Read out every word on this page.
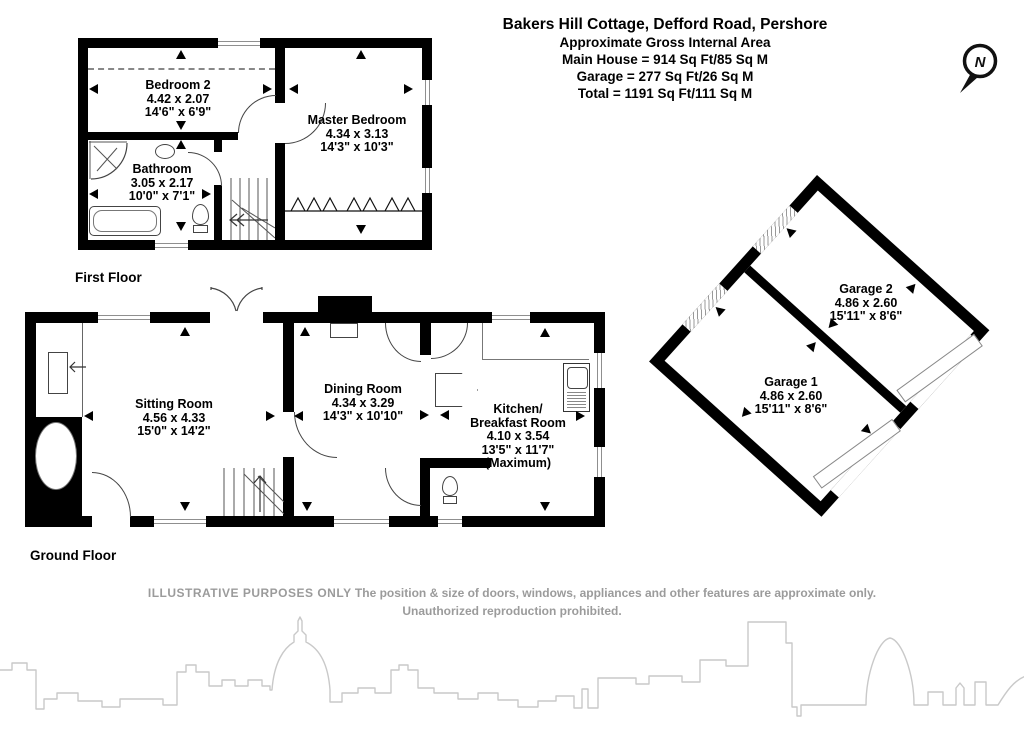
Bakers Hill Cottage, Defford Road, Pershore
Approximate Gross Internal Area
Main House = 914 Sq Ft/85 Sq M
Garage = 277 Sq Ft/26 Sq M
Total = 1191 Sq Ft/111 Sq M
N
Bedroom 2
4.42 x 2.07
14'6" x 6'9"
Master Bedroom
4.34 x 3.13
14'3" x 10'3"
Bathroom
3.05 x 2.17
10'0" x 7'1"
First Floor
Sitting Room
4.56 x 4.33
15'0" x 14'2"
Dining Room
4.34 x 3.29
14'3" x 10'10"	Kitchen/
Breakfast Room
4.10 x 3.54
13'5" x 11'7"
(Maximum)
Ground Floor
Garage 2
4.86 x 2.60
15'11" x 8'6"
Garage 1
4.86 x 2.60
15'11" x 8'6"
ILLUSTRATIVE PURPOSES ONLY The position & size of doors, windows, appliances and other features are approximate only. Unauthorized reproduction prohibited.
